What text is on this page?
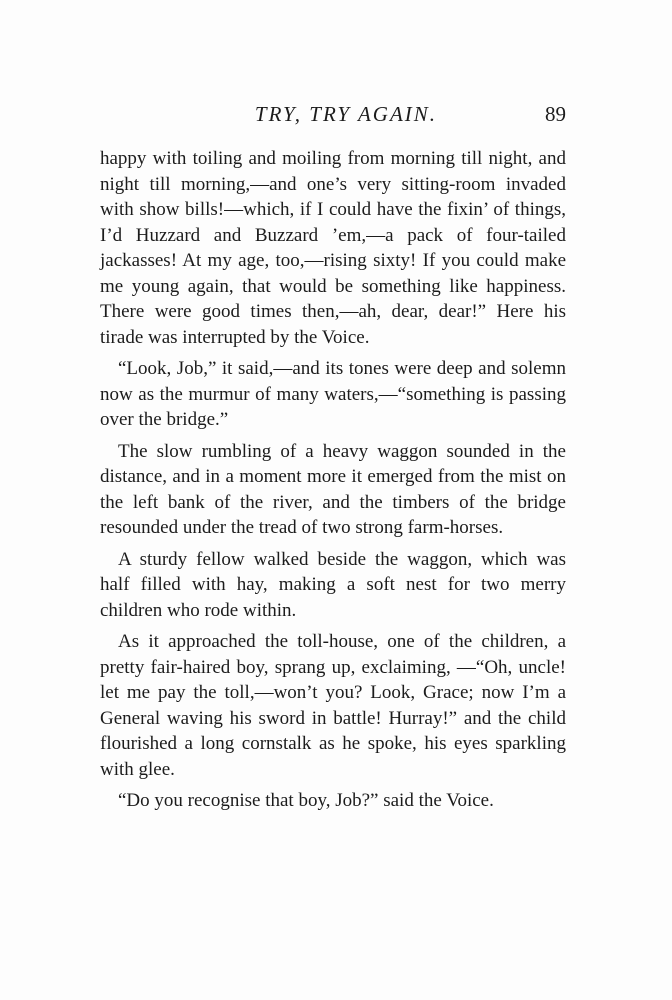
TRY, TRY AGAIN.	89

happy with toiling and moiling from morning till night, and night till morning,—and one’s very sitting-room invaded with show bills!—which, if I could have the fixin’ of things, I’d Huzzard and Buzzard ’em,—a pack of four-tailed jackasses! At my age, too,—rising sixty! If you could make me young again, that would be something like happiness. There were good times then,—ah, dear, dear!” Here his tirade was interrupted by the Voice.

“Look, Job,” it said,—and its tones were deep and solemn now as the murmur of many waters,—“something is passing over the bridge.”

The slow rumbling of a heavy waggon sounded in the distance, and in a moment more it emerged from the mist on the left bank of the river, and the timbers of the bridge resounded under the tread of two strong farm-horses.

A sturdy fellow walked beside the waggon, which was half filled with hay, making a soft nest for two merry children who rode within.

As it approached the toll-house, one of the children, a pretty fair-haired boy, sprang up, exclaiming, —“Oh, uncle! let me pay the toll,—won’t you? Look, Grace; now I’m a General waving his sword in battle! Hurray!” and the child flourished a long cornstalk as he spoke, his eyes sparkling with glee.

“Do you recognise that boy, Job?” said the Voice.
